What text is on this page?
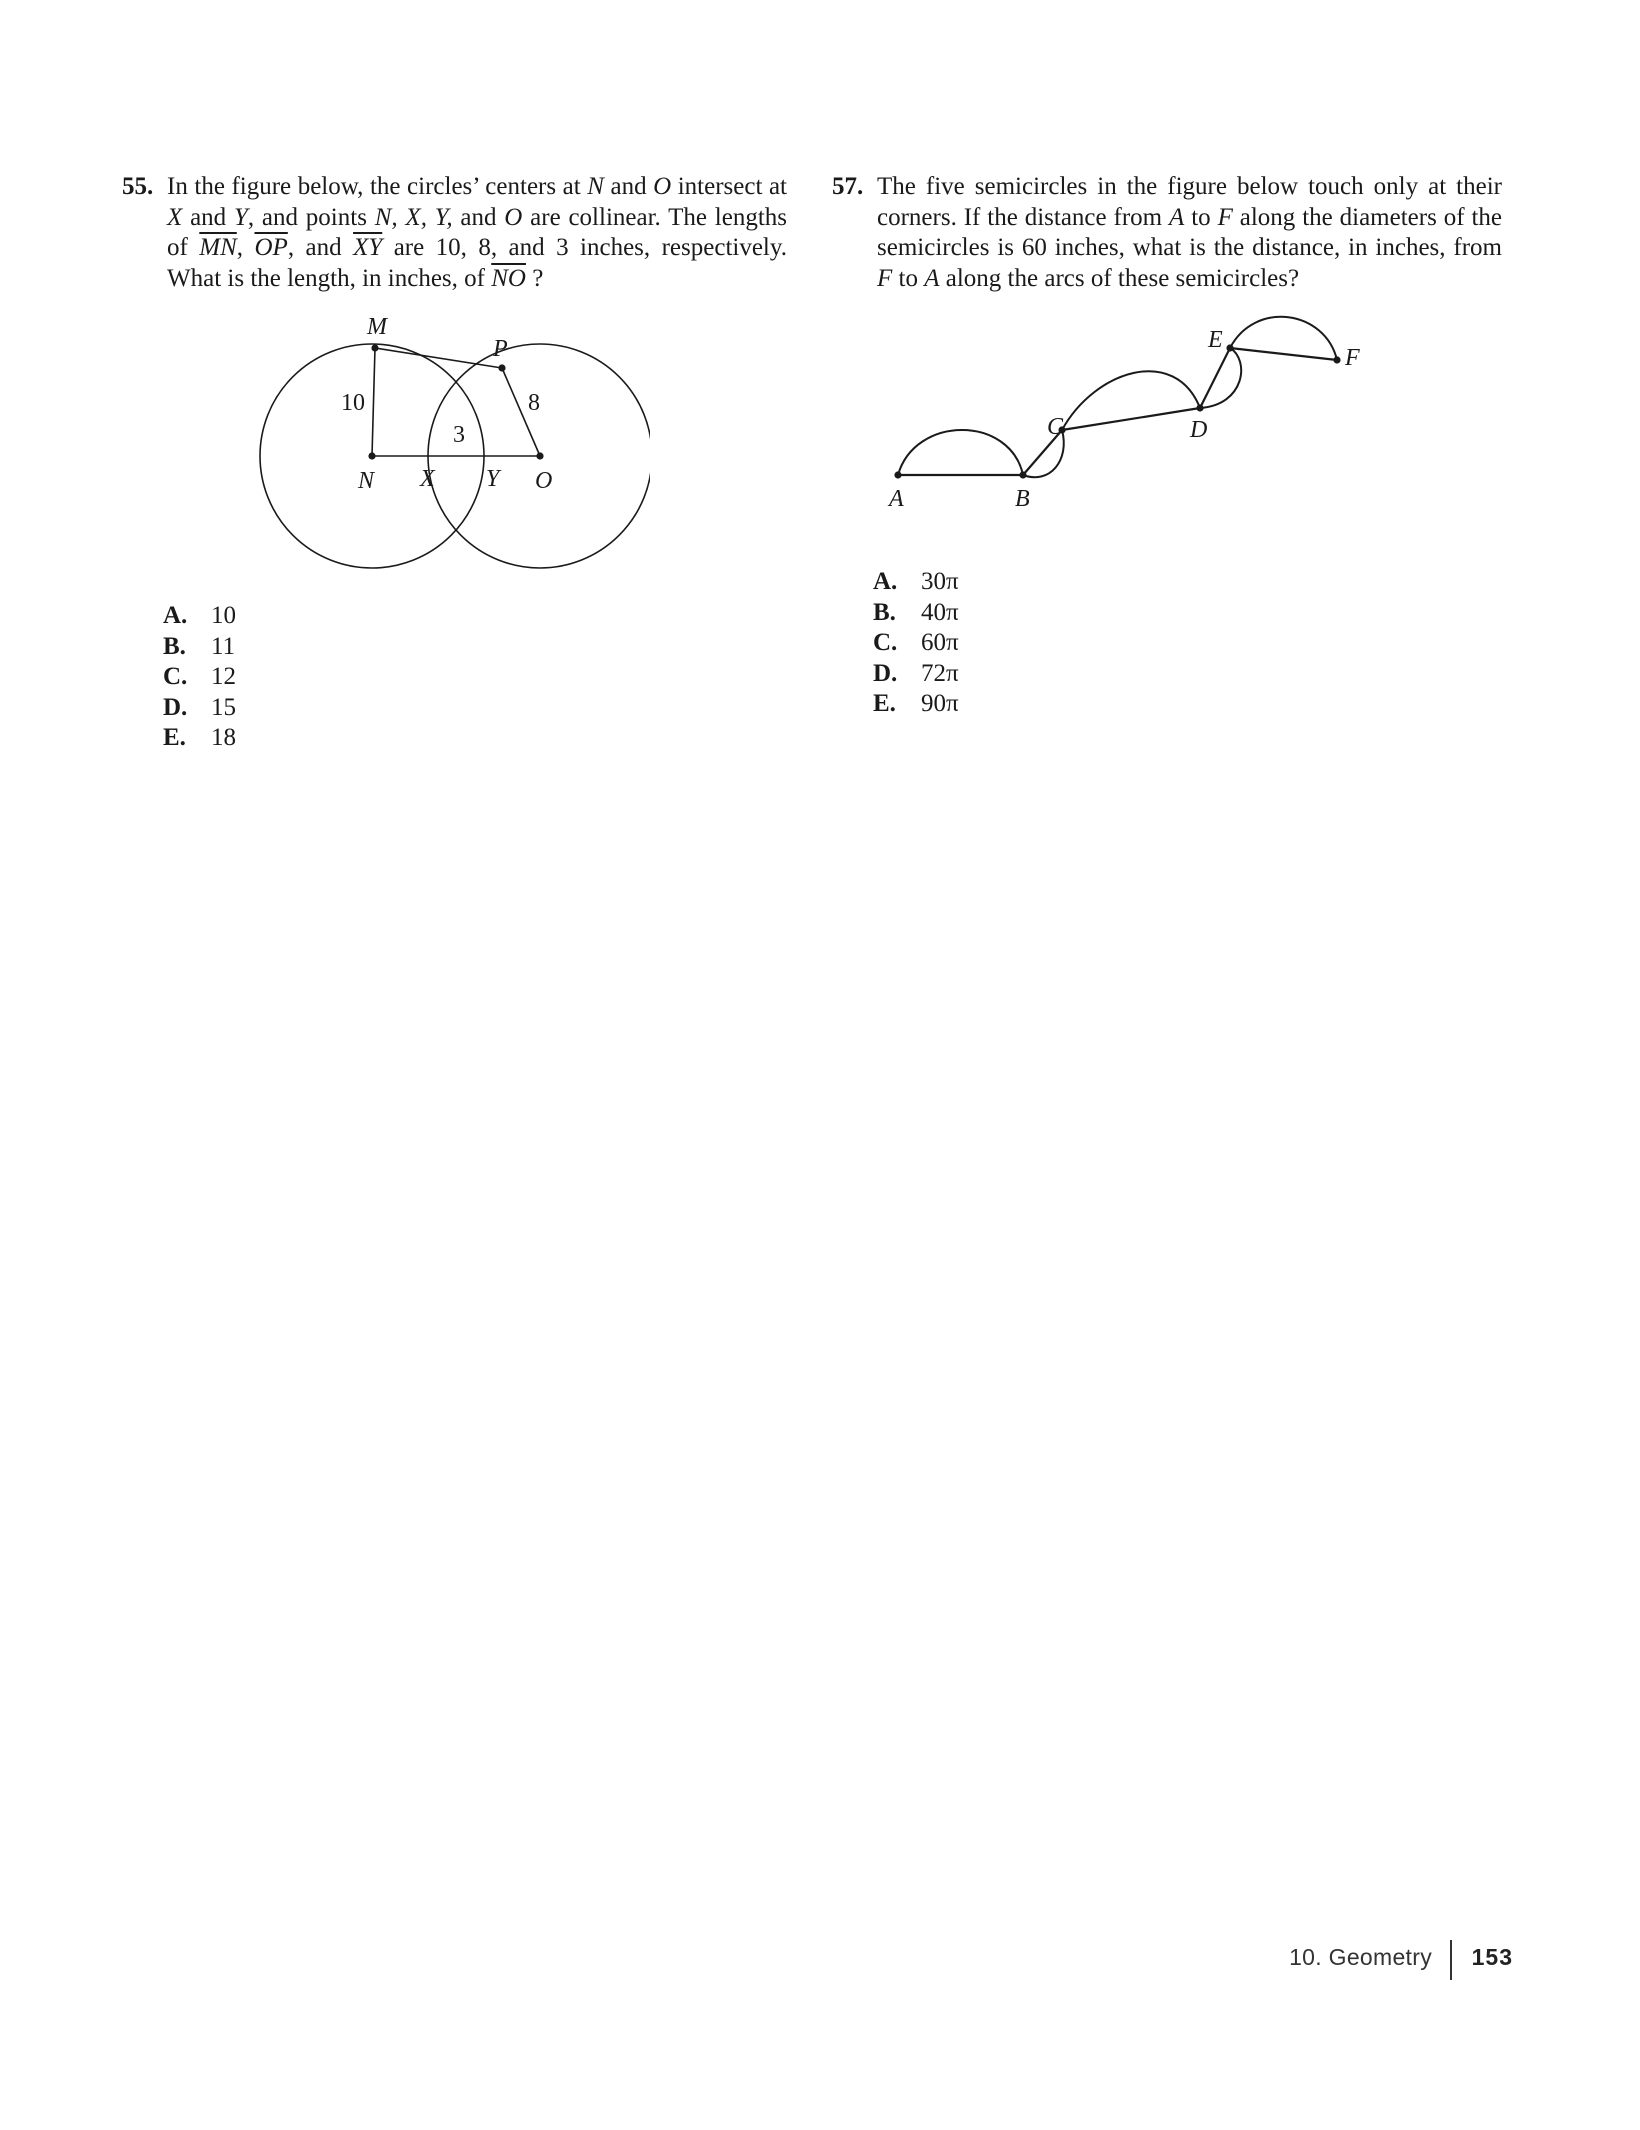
55. In the figure below, the circles’ centers at N and O intersect at X and Y, and points N, X, Y, and O are collinear. The lengths of $\overline{MN}$, $\overline{OP}$, and $\overline{XY}$ are 10, 8, and 3 inches, respectively. What is the length, in inches, of $\overline{NO}$ ?
M
P
10	8
3
N X Y O
A. 10
B.	11
C. 12
D. 15
E.	18
57. The five semicircles in the figure below touch only at their corners. If the distance from A to F along the diameters of the semicircles is 60 inches, what is the distance, in inches, from F to A along the arcs of these semicircles?
A	B
C	D
E
F
A. 30π
B.	40π
C. 60π
D. 72π
E.	90π
10. Geometry 153
